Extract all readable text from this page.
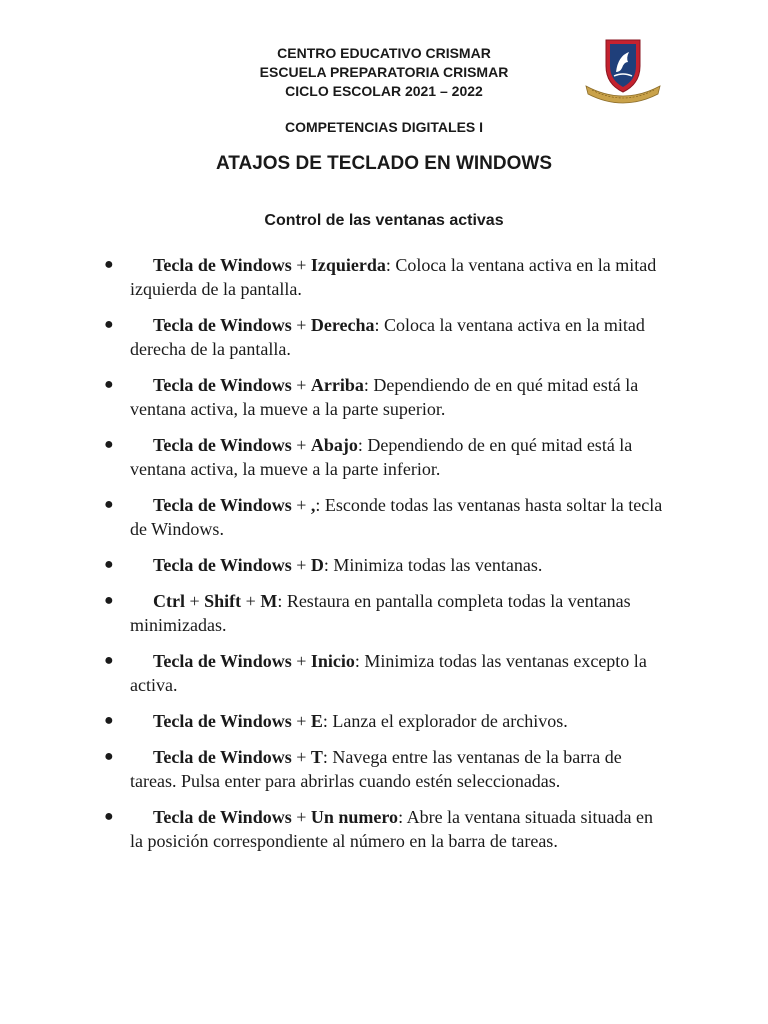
CENTRO EDUCATIVO CRISMAR
ESCUELA PREPARATORIA CRISMAR
CICLO ESCOLAR 2021 – 2022
COMPETENCIAS DIGITALES I
ATAJOS DE TECLADO EN WINDOWS
Control de las ventanas activas
● Tecla de Windows + Izquierda: Coloca la ventana activa en la mitad izquierda de la pantalla.
● Tecla de Windows + Derecha: Coloca la ventana activa en la mitad derecha de la pantalla.
● Tecla de Windows + Arriba: Dependiendo de en qué mitad está la ventana activa, la mueve a la parte superior.
● Tecla de Windows + Abajo: Dependiendo de en qué mitad está la ventana activa, la mueve a la parte inferior.
● Tecla de Windows + ,: Esconde todas las ventanas hasta soltar la tecla de Windows.
● Tecla de Windows + D: Minimiza todas las ventanas.
● Ctrl + Shift + M: Restaura en pantalla completa todas la ventanas minimizadas.
● Tecla de Windows + Inicio: Minimiza todas las ventanas excepto la activa.
● Tecla de Windows + E: Lanza el explorador de archivos.
● Tecla de Windows + T: Navega entre las ventanas de la barra de tareas. Pulsa enter para abrirlas cuando estén seleccionadas.
● Tecla de Windows + Un numero: Abre la ventana situada situada en la posición correspondiente al número en la barra de tareas.
